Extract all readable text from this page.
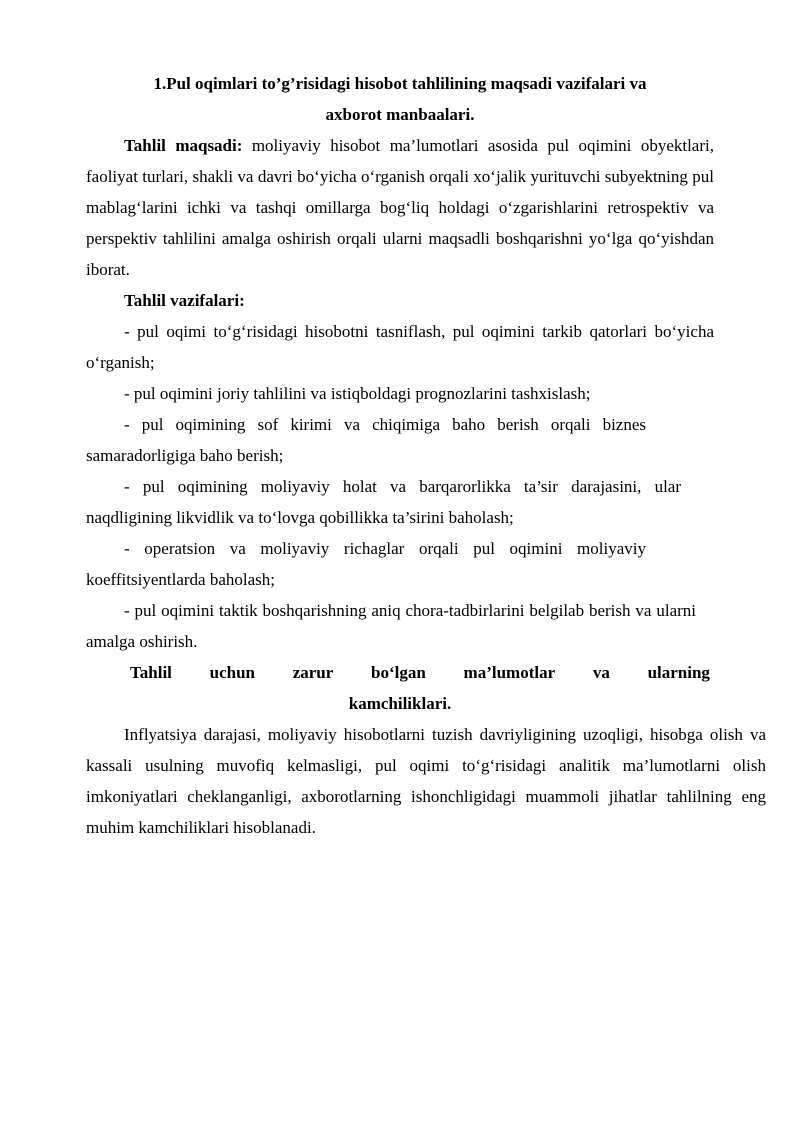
1.Pul oqimlari to’g’risidagi hisobot tahlilining maqsadi vazifalari va
axborot manbaalari.

Tahlil maqsadi: moliyaviy hisobot ma’lumotlari asosida pul oqimini obyektlari, faoliyat turlari, shakli va davri bo‘yicha o‘rganish orqali xo‘jalik yurituvchi subyektning pul mablag‘larini ichki va tashqi omillarga bog‘liq holdagi o‘zgarishlarini retrospektiv va perspektiv tahlilini amalga oshirish orqali ularni maqsadli boshqarishni yo‘lga qo‘yishdan iborat.

Tahlil vazifalari:

- pul oqimi to‘g‘risidagi hisobotni tasniflash, pul oqimini tarkib qatorlari bo‘yicha o‘rganish;

- pul oqimini joriy tahlilini va istiqboldagi prognozlarini tashxislash;

- pul oqimining sof kirimi va chiqimiga baho berish orqali biznes samaradorligiga baho berish;

- pul oqimining moliyaviy holat va barqarorlikka ta’sir darajasini, ular naqdligining likvidlik va to‘lovga qobillikka ta’sirini baholash;

- operatsion va moliyaviy richaglar orqali pul oqimini moliyaviy koeffitsiyentlarda baholash;

- pul oqimini taktik boshqarishning aniq chora-tadbirlarini belgilab berish va ularni amalga oshirish.

Tahlil uchun zarur bo‘lgan ma’lumotlar va ularning
kamchiliklari.

Inflyatsiya darajasi, moliyaviy hisobotlarni tuzish davriyligining uzoqligi, hisobga olish va kassali usulning muvofiq kelmasligi, pul oqimi to‘g‘risidagi analitik ma’lumotlarni olish imkoniyatlari cheklanganligi, axborotlarning ishonchligidagi muammoli jihatlar tahlilning eng muhim kamchiliklari hisoblanadi.
